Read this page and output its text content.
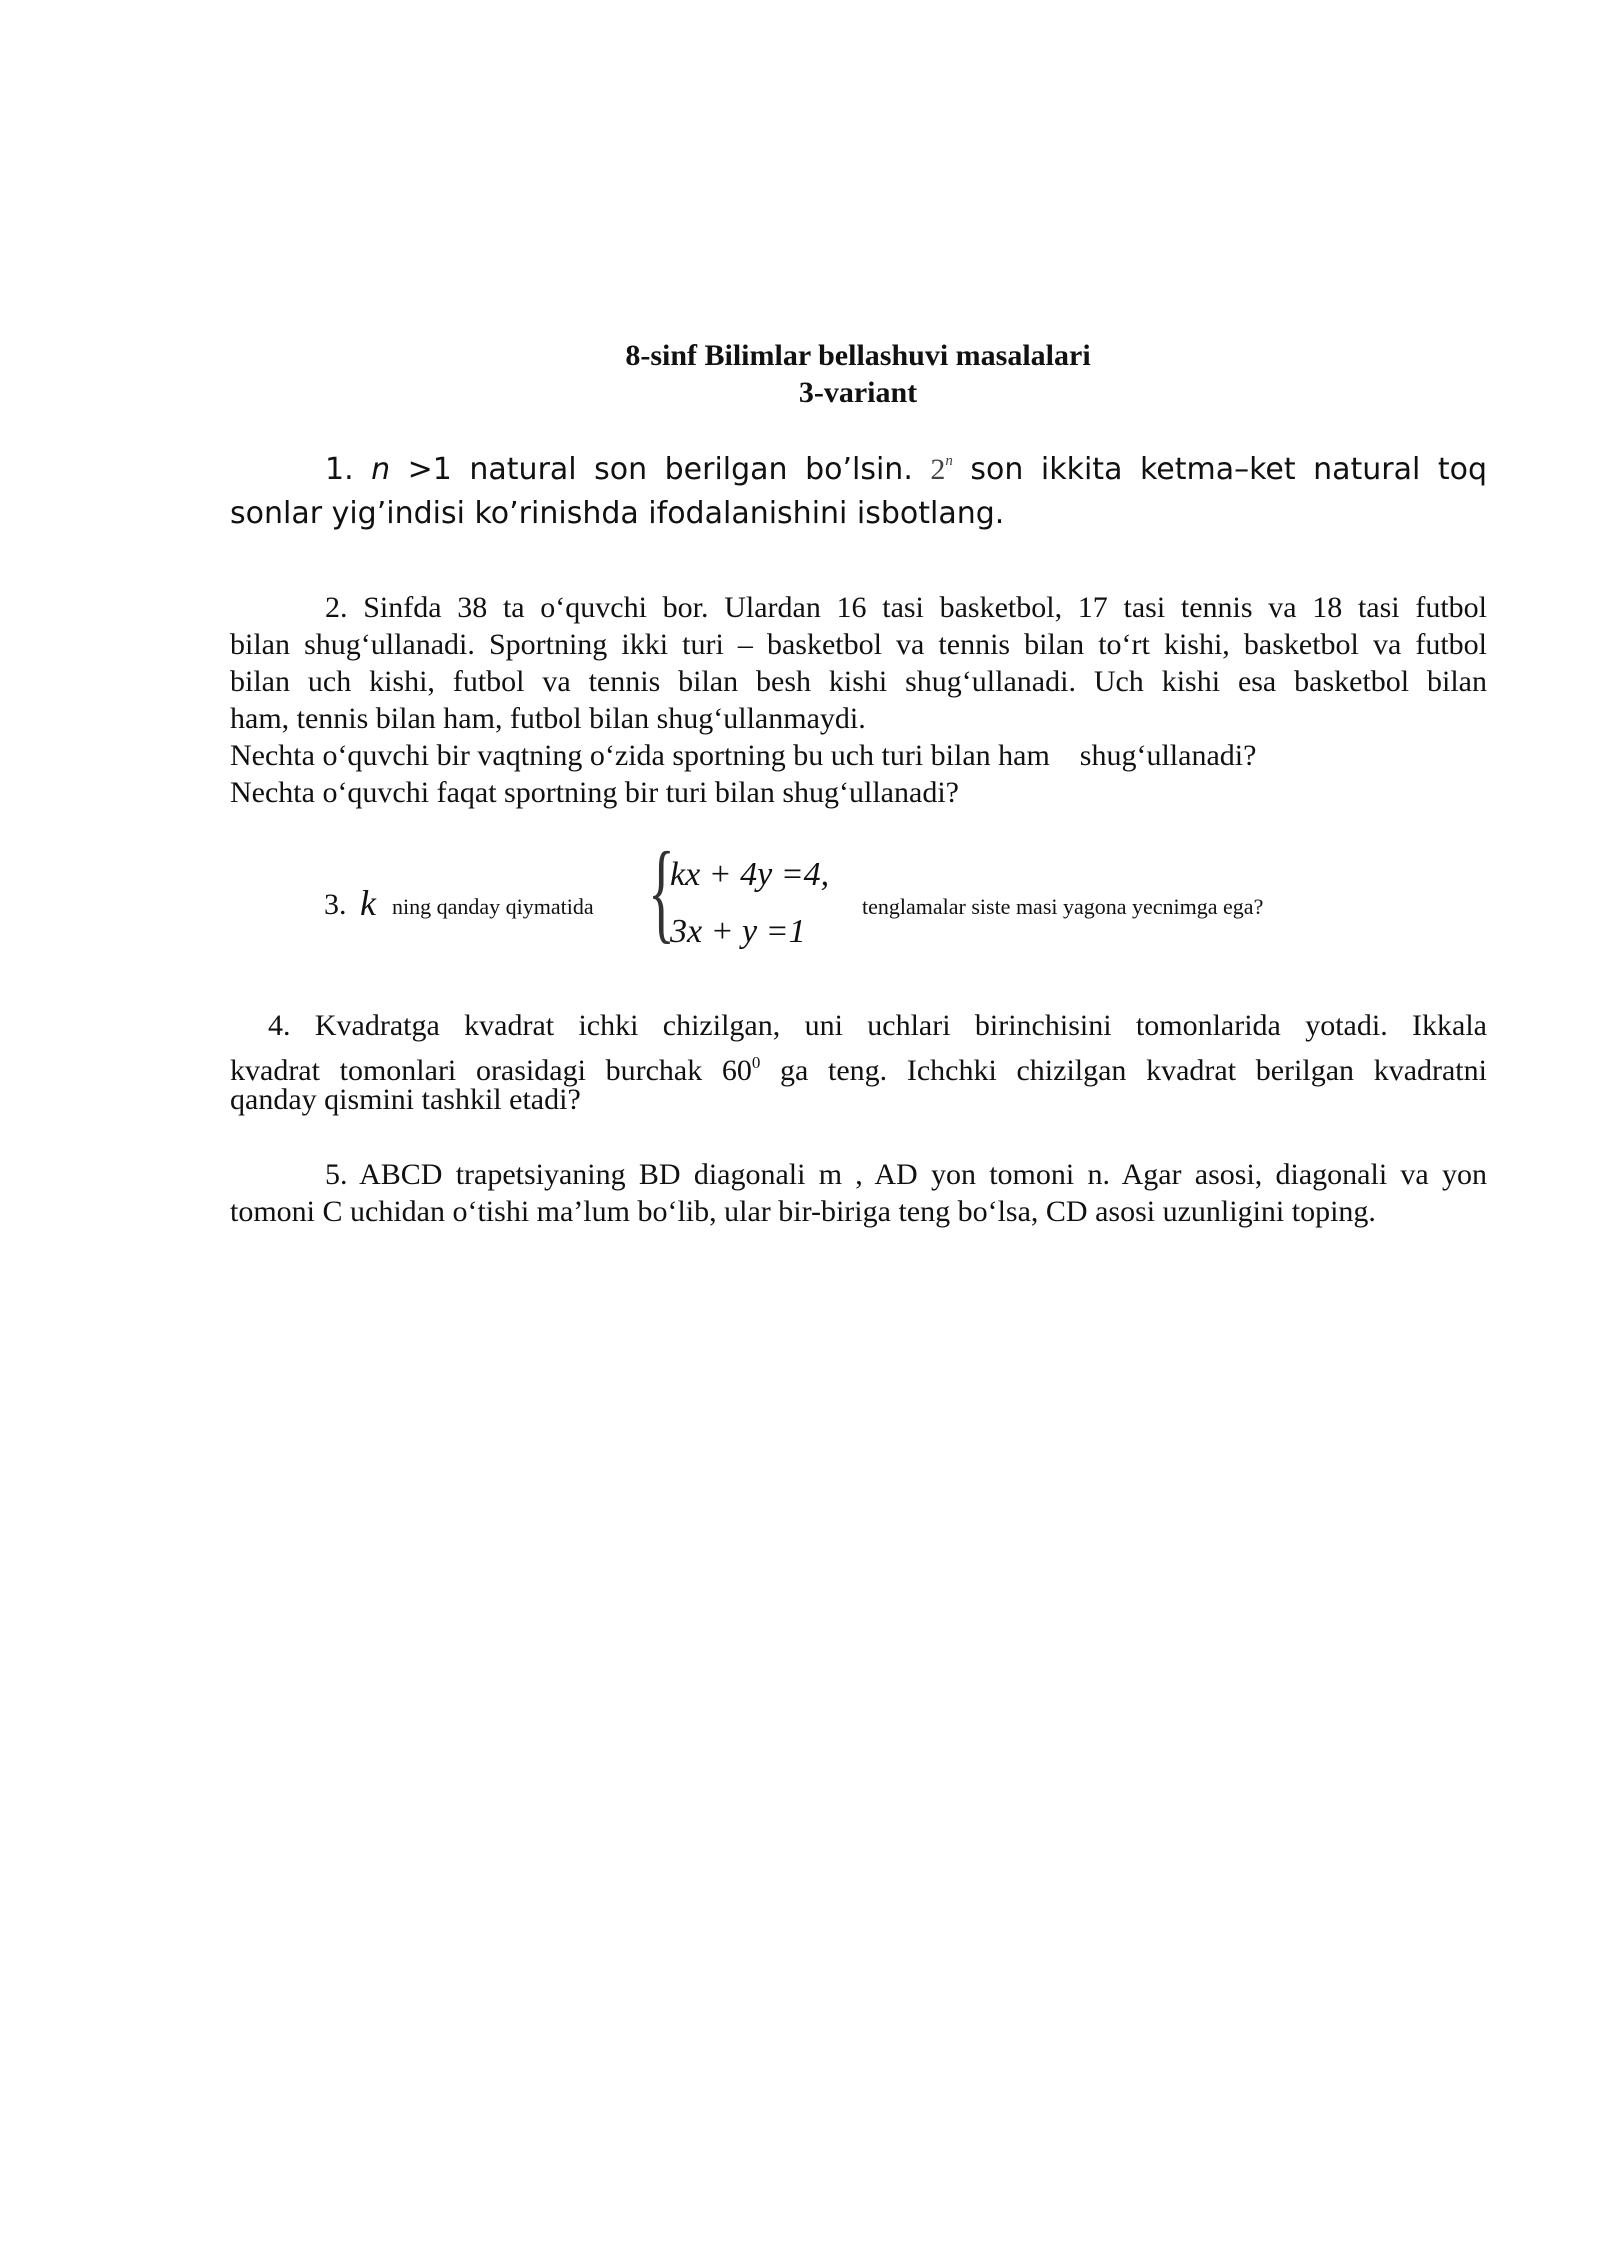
8-sinf Bilimlar bellashuvi masalalari
3-variant
1. n >1 natural son berilgan bo’lsin. 2$^n$ son ikkita ketma–ket natural toq
sonlar yig’indisi ko’rinishda ifodalanishini isbotlang.
2. Sinfda 38 ta o‘quvchi bor. Ulardan 16 tasi basketbol, 17 tasi tennis va 18 tasi futbol
bilan shug‘ullanadi. Sportning ikki turi – basketbol va tennis bilan to‘rt kishi, basketbol va futbol
bilan uch kishi, futbol va tennis bilan besh kishi shug‘ullanadi. Uch kishi esa basketbol bilan
ham, tennis bilan ham, futbol bilan shug‘ullanmaydi.
Nechta o‘quvchi bir vaqtning o‘zida sportning bu uch turi bilan ham    shug‘ullanadi?
Nechta o‘quvchi faqat sportning bir turi bilan shug‘ullanadi?
3. k ning qanday qiymatida {
kx + 4y =4,
3x + y =1
tenglamalar siste masi yagona yecnimga ega?
4. Kvadratga kvadrat ichki chizilgan, uni uchlari birinchisini tomonlarida yotadi. Ikkala
kvadrat tomonlari orasidagi burchak $60^0$ ga teng. Ichchki chizilgan kvadrat berilgan kvadratni
qanday qismini tashkil etadi?
5. ABCD trapetsiyaning BD diagonali m , AD yon tomoni n. Agar asosi, diagonali va yon
tomoni C uchidan o‘tishi ma’lum bo‘lib, ular bir-biriga teng bo‘lsa, CD asosi uzunligini toping.
